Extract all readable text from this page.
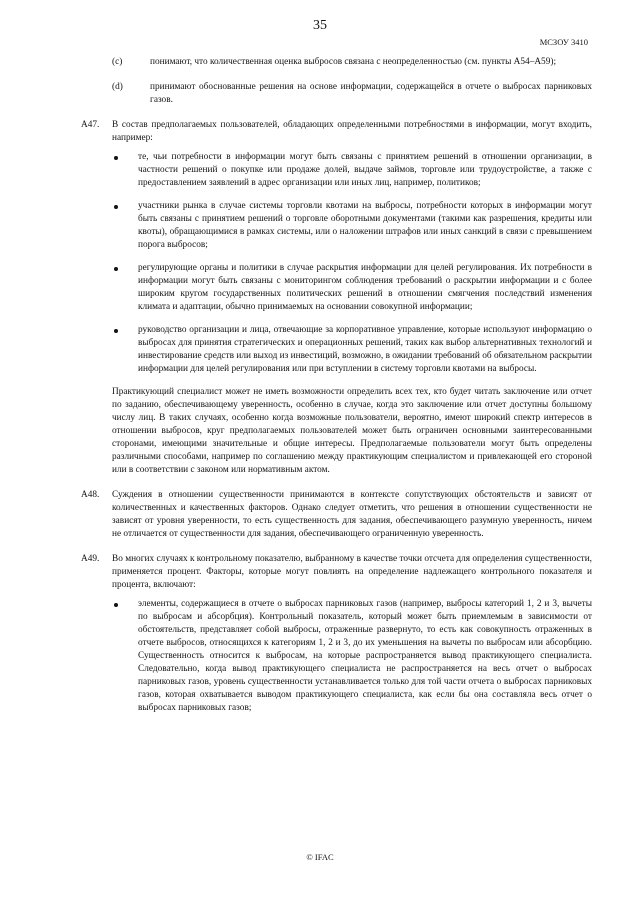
35
МСЗОУ 3410
(c)	понимают, что количественная оценка выбросов связана с неопределенностью (см. пункты А54–А59);
(d)	принимают обоснованные решения на основе информации, содержащейся в отчете о выбросах парниковых газов.
A47. В состав предполагаемых пользователей, обладающих определенными потребностями в информации, могут входить, например:
те, чьи потребности в информации могут быть связаны с принятием решений в отношении организации, в частности решений о покупке или продаже долей, выдаче займов, торговле или трудоустройстве, а также с предоставлением заявлений в адрес организации или иных лиц, например, политиков;
участники рынка в случае системы торговли квотами на выбросы, потребности которых в информации могут быть связаны с принятием решений о торговле оборотными документами (такими как разрешения, кредиты или квоты), обращающимися в рамках системы, или о наложении штрафов или иных санкций в связи с превышением порога выбросов;
регулирующие органы и политики в случае раскрытия информации для целей регулирования. Их потребности в информации могут быть связаны с мониторингом соблюдения требований о раскрытии информации и с более широким кругом государственных политических решений в отношении смягчения последствий изменения климата и адаптации, обычно принимаемых на основании совокупной информации;
руководство организации и лица, отвечающие за корпоративное управление, которые используют информацию о выбросах для принятия стратегических и операционных решений, таких как выбор альтернативных технологий и инвестирование средств или выход из инвестиций, возможно, в ожидании требований об обязательном раскрытии информации для целей регулирования или при вступлении в систему торговли квотами на выбросы.
Практикующий специалист может не иметь возможности определить всех тех, кто будет читать заключение или отчет по заданию, обеспечивающему уверенность, особенно в случае, когда это заключение или отчет доступны большому числу лиц. В таких случаях, особенно когда возможные пользователи, вероятно, имеют широкий спектр интересов в отношении выбросов, круг предполагаемых пользователей может быть ограничен основными заинтересованными сторонами, имеющими значительные и общие интересы. Предполагаемые пользователи могут быть определены различными способами, например по соглашению между практикующим специалистом и привлекающей его стороной или в соответствии с законом или нормативным актом.
A48. Суждения в отношении существенности принимаются в контексте сопутствующих обстоятельств и зависят от количественных и качественных факторов. Однако следует отметить, что решения в отношении существенности не зависят от уровня уверенности, то есть существенность для задания, обеспечивающего разумную уверенность, ничем не отличается от существенности для задания, обеспечивающего ограниченную уверенность.
A49. Во многих случаях к контрольному показателю, выбранному в качестве точки отсчета для определения существенности, применяется процент. Факторы, которые могут повлиять на определение надлежащего контрольного показателя и процента, включают:
элементы, содержащиеся в отчете о выбросах парниковых газов (например, выбросы категорий 1, 2 и 3, вычеты по выбросам и абсорбция). Контрольный показатель, который может быть приемлемым в зависимости от обстоятельств, представляет собой выбросы, отраженные развернуто, то есть как совокупность отраженных в отчете выбросов, относящихся к категориям 1, 2 и 3, до их уменьшения на вычеты по выбросам или абсорбцию. Существенность относится к выбросам, на которые распространяется вывод практикующего специалиста. Следовательно, когда вывод практикующего специалиста не распространяется на весь отчет о выбросах парниковых газов, уровень существенности устанавливается только для той части отчета о выбросах парниковых газов, которая охватывается выводом практикующего специалиста, как если бы она составляла весь отчет о выбросах парниковых газов;
© IFAC
